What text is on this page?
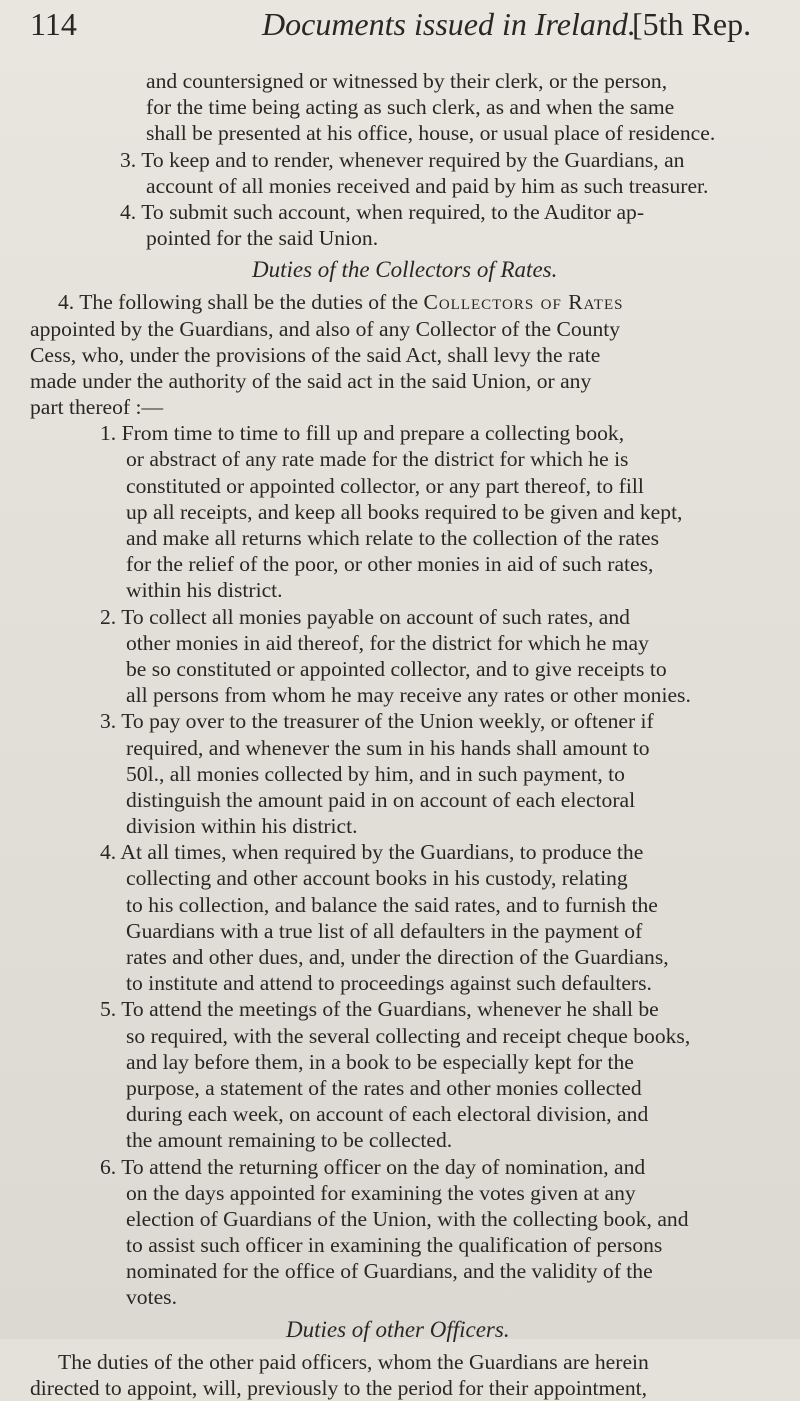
114	Documents issued in Ireland.
[5th Rep.
and countersigned or witnessed by their clerk, or the person,
for the time being acting as such clerk, as and when the same
shall be presented at his office, house, or usual place of residence.
3. To keep and to render, whenever required by the Guardians, an
account of all monies received and paid by him as such treasurer.
4. To submit such account, when required, to the Auditor ap-
pointed for the said Union.
Duties of the Collectors of Rates.
4. The following shall be the duties of the Collectors of Rates
appointed by the Guardians, and also of any Collector of the County
Cess, who, under the provisions of the said Act, shall levy the rate
made under the authority of the said act in the said Union, or any
part thereof :—
1. From time to time to fill up and prepare a collecting book,
or abstract of any rate made for the district for which he is
constituted or appointed collector, or any part thereof, to fill
up all receipts, and keep all books required to be given and kept,
and make all returns which relate to the collection of the rates
for the relief of the poor, or other monies in aid of such rates,
within his district.
2. To collect all monies payable on account of such rates, and
other monies in aid thereof, for the district for which he may
be so constituted or appointed collector, and to give receipts to
all persons from whom he may receive any rates or other monies.
3. To pay over to the treasurer of the Union weekly, or oftener if
required, and whenever the sum in his hands shall amount to
50l., all monies collected by him, and in such payment, to
distinguish the amount paid in on account of each electoral
division within his district.
4. At all times, when required by the Guardians, to produce the
collecting and other account books in his custody, relating
to his collection, and balance the said rates, and to furnish the
Guardians with a true list of all defaulters in the payment of
rates and other dues, and, under the direction of the Guardians,
to institute and attend to proceedings against such defaulters.
5. To attend the meetings of the Guardians, whenever he shall be
so required, with the several collecting and receipt cheque books,
and lay before them, in a book to be especially kept for the
purpose, a statement of the rates and other monies collected
during each week, on account of each electoral division, and
the amount remaining to be collected.
6. To attend the returning officer on the day of nomination, and
on the days appointed for examining the votes given at any
election of Guardians of the Union, with the collecting book, and
to assist such officer in examining the qualification of persons
nominated for the office of Guardians, and the validity of the
votes.
Duties of other Officers.
The duties of the other paid officers, whom the Guardians are herein
directed to appoint, will, previously to the period for their appointment,
